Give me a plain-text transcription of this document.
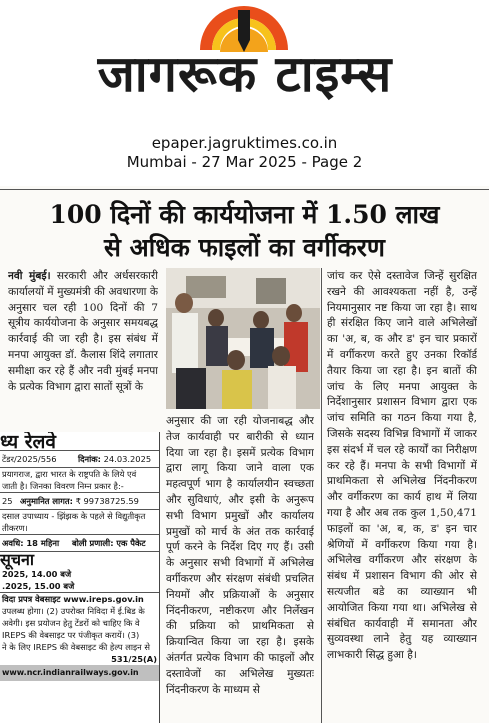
जागरूक टाइम्स
epaper.jagruktimes.co.in
Mumbai - 27 Mar 2025 - Page 2
100 दिनों की कार्ययोजना में 1.50 लाख
से अधिक फाइलों का वर्गीकरण
नवी मुंबई। सरकारी और अर्धसरकारी कार्यालयों में मुख्यमंत्री की अवधारणा के अनुसार चल रही 100 दिनों की 7 सूत्रीय कार्ययोजना के अनुसार समयबद्ध कार्रवाई की जा रही है। इस संबंध में मनपा आयुक्त डॉ. कैलास शिंदे लगातार समीक्षा कर रहे हैं और नवी मुंबई मनपा के प्रत्येक विभाग द्वारा सातों सूत्रों के
अनुसार की जा रही योजनाबद्ध और तेज कार्यवाही पर बारीकी से ध्यान दिया जा रहा है। इसमें प्रत्येक विभाग द्वारा लागू किया जाने वाला एक महत्वपूर्ण भाग है कार्यालयीन स्वच्छता और सुविधाएं, और इसी के अनुरूप सभी विभाग प्रमुखों और कार्यालय प्रमुखों को मार्च के अंत तक कार्रवाई पूर्ण करने के निर्देश दिए गए हैं। उसी के अनुसार सभी विभागों में अभिलेख वर्गीकरण और संरक्षण संबंधी प्रचलित नियमों और प्रक्रियाओं के अनुसार निंदनीकरण, नष्टीकरण और निर्लेखन की प्रक्रिया को प्राथमिकता से क्रियान्वित किया जा रहा है। इसके अंतर्गत प्रत्येक विभाग की फाइलों और दस्तावेजों का अभिलेख मुख्यतः निंदनीकरण के माध्यम से
जांच कर ऐसे दस्तावेज जिन्हें सुरक्षित रखने की आवश्यकता नहीं है, उन्हें नियमानुसार नष्ट किया जा रहा है। साथ ही संरक्षित किए जाने वाले अभिलेखों का 'अ, ब, क और ड' इन चार प्रकारों में वर्गीकरण करते हुए उनका रिकॉर्ड तैयार किया जा रहा है। इन बातों की जांच के लिए मनपा आयुक्त के निर्देशानुसार प्रशासन विभाग द्वारा एक जांच समिति का गठन किया गया है, जिसके सदस्य विभिन्न विभागों में जाकर इस संदर्भ में चल रहे कार्यों का निरीक्षण कर रहे हैं। मनपा के सभी विभागों में प्राथमिकता से अभिलेख निंदनीकरण और वर्गीकरण का कार्य हाथ में लिया गया है और अब तक कुल 1,50,471 फाइलों का 'अ, ब, क, ड' इन चार श्रेणियों में वर्गीकरण किया गया है। अभिलेख वर्गीकरण और संरक्षण के संबंध में प्रशासन विभाग की ओर से सत्यजीत बडे का व्याख्यान भी आयोजित किया गया था। अभिलेख से संबंधित कार्यवाही में समानता और सुव्यवस्था लाने हेतु यह व्याख्यान लाभकारी सिद्ध हुआ है।
ध्य रेलवे
टेंडर/2025/556	दिनांक: 24.03.2025
प्रयागराज, द्वारा भारत के राष्ट्रपति के लिये एवं
जाती है। जिनका विवरण निम्न प्रकार है:-
25 अनुमानित लागत: ₹ 99738725.59
दसाल उपाध्याय - झिंझक के पहले से विद्युतीकृत
तीकरण।
अवधि: 18 महिना	बोली प्रणाली: एक पैकेट
सूचना
2025, 14.00 बजे
.2025, 15.00 बजे
विदा प्रपत्र वेबसाइट www.ireps.gov.in
उपलब्ध होगा। (2) उपरोक्त निविदा में ई.बिड के
अवेगी। इस प्रयोजन हेतु टेंडरों को चाहिए कि वे
IREPS की वेबसाइट पर पंजीकृत करायें। (3)
ने के लिए IREPS की वेबसाइट की हेल्प लाइन से
531/25(A)
www.ncr.indianrailways.gov.in
